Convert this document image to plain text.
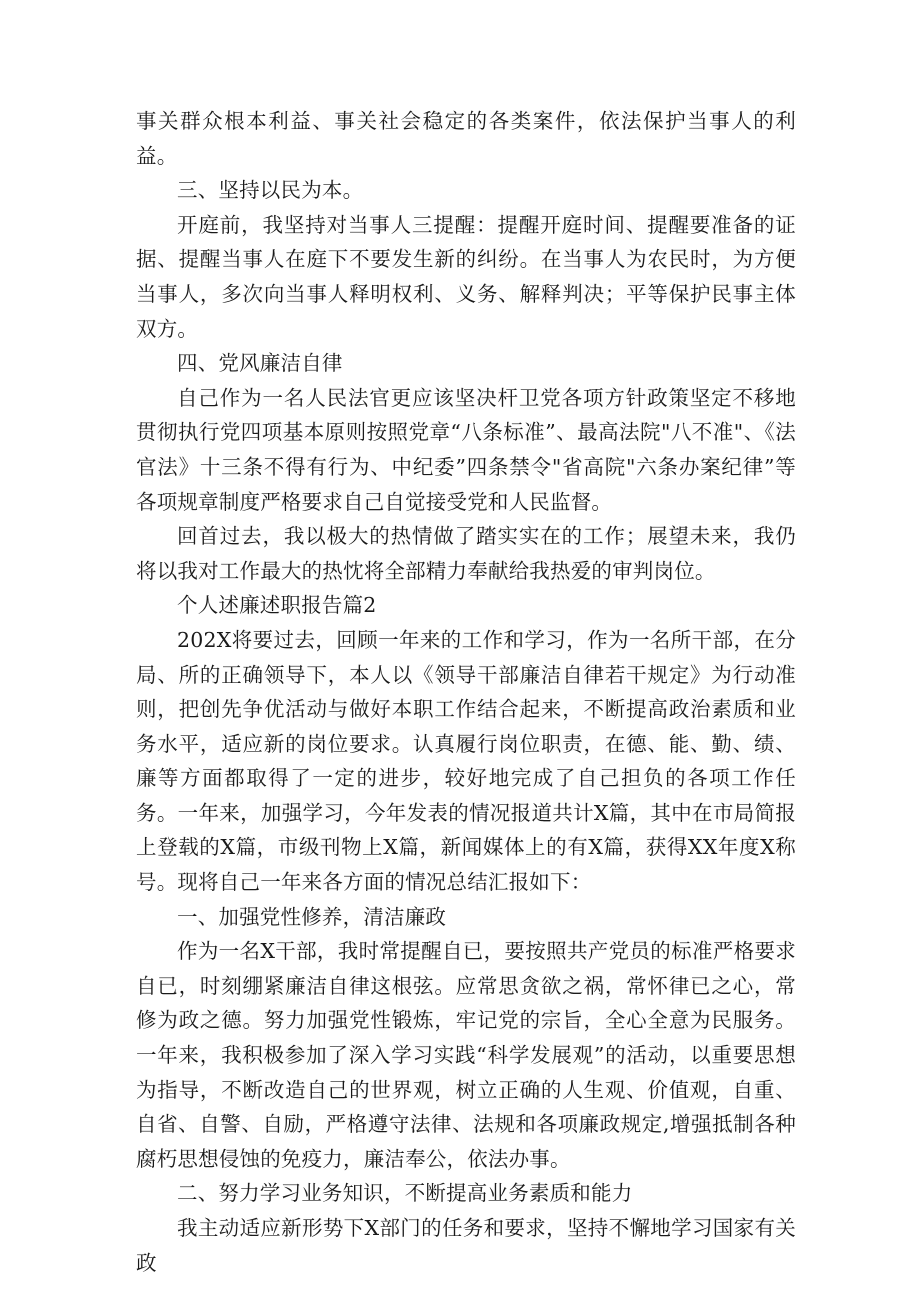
事关群众根本利益、事关社会稳定的各类案件，依法保护当事人的利益。

三、坚持以民为本。

开庭前，我坚持对当事人三提醒：提醒开庭时间、提醒要准备的证据、提醒当事人在庭下不要发生新的纠纷。在当事人为农民时，为方便当事人，多次向当事人释明权利、义务、解释判决；平等保护民事主体双方。

四、党风廉洁自律

自己作为一名人民法官更应该坚决杆卫党各项方针政策坚定不移地贯彻执行党四项基本原则按照党章“八条标准”、最高法院"八不准"、《法官法》十三条不得有行为、中纪委”四条禁令"省高院"六条办案纪律”等各项规章制度严格要求自己自觉接受党和人民监督。

回首过去，我以极大的热情做了踏实实在的工作；展望未来，我仍将以我对工作最大的热忱将全部精力奉献给我热爱的审判岗位。

个人述廉述职报告篇2

202X将要过去，回顾一年来的工作和学习，作为一名所干部，在分局、所的正确领导下，本人以《领导干部廉洁自律若干规定》为行动准则，把创先争优活动与做好本职工作结合起来，不断提高政治素质和业务水平，适应新的岗位要求。认真履行岗位职责，在德、能、勤、绩、廉等方面都取得了一定的进步，较好地完成了自己担负的各项工作任务。一年来，加强学习，今年发表的情况报道共计X篇，其中在市局简报上登载的X篇，市级刊物上X篇，新闻媒体上的有X篇，获得XX年度X称号。现将自己一年来各方面的情况总结汇报如下：

一、加强党性修养，清洁廉政

作为一名X干部，我时常提醒自已，要按照共产党员的标准严格要求自已，时刻绷紧廉洁自律这根弦。应常思贪欲之祸，常怀律已之心，常修为政之德。努力加强党性锻炼，牢记党的宗旨，全心全意为民服务。一年来，我积极参加了深入学习实践“科学发展观”的活动，以重要思想为指导，不断改造自己的世界观，树立正确的人生观、价值观，自重、自省、自警、自励，严格遵守法律、法规和各项廉政规定,增强抵制各种腐朽思想侵蚀的免疫力，廉洁奉公，依法办事。

二、努力学习业务知识，不断提高业务素质和能力

我主动适应新形势下X部门的任务和要求，坚持不懈地学习国家有关政
